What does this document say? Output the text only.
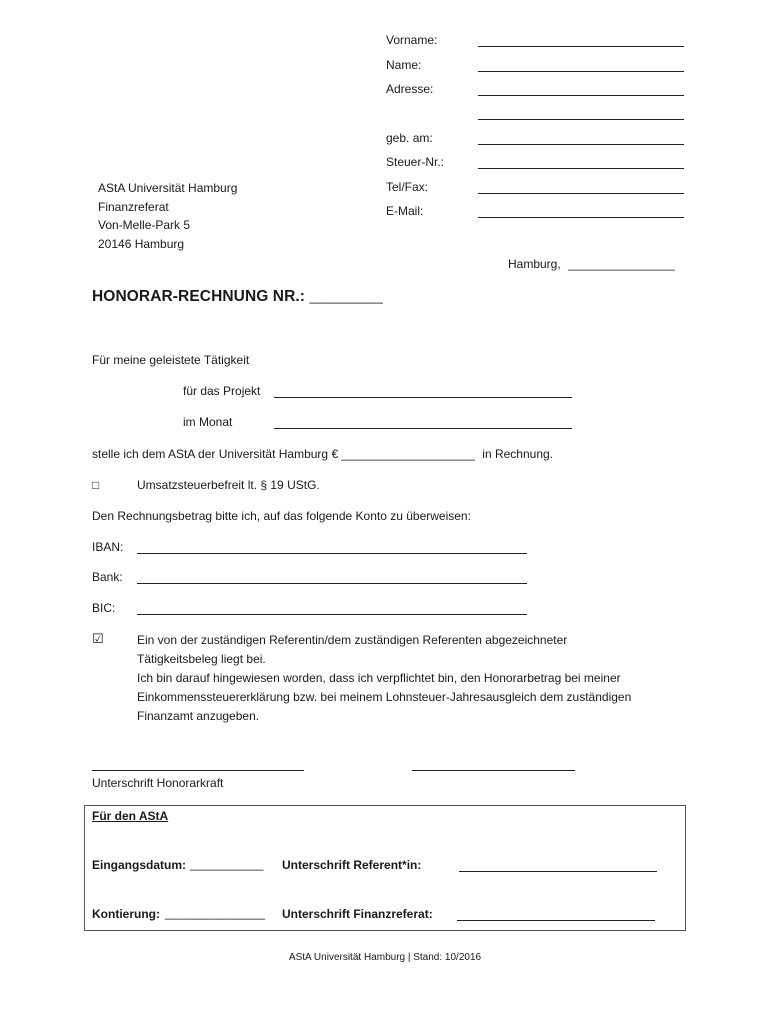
Vorname:
Name:
Adresse:
geb. am:
Steuer-Nr.:
Tel/Fax:
E-Mail:
AStA Universität Hamburg
Finanzreferat
Von-Melle-Park 5
20146 Hamburg
Hamburg, ________________
HONORAR-RECHNUNG NR.: __________
Für meine geleistete Tätigkeit
für das Projekt
im Monat
stelle ich dem AStA der Universität Hamburg € ____________________ in Rechnung.
□	Umsatzsteuerbefreit lt. § 19 UStG.
Den Rechnungsbetrag bitte ich, auf das folgende Konto zu überweisen:
IBAN:
Bank:
BIC:
☑	Ein von der zuständigen Referentin/dem zuständigen Referenten abgezeichneter
Tätigkeitsbeleg liegt bei.
Ich bin darauf hingewiesen worden, dass ich verpflichtet bin, den Honorarbetrag bei meiner
Einkommenssteuererklärung bzw. bei meinem Lohnsteuer-Jahresausgleich dem zuständigen
Finanzamt anzugeben.
Unterschrift Honorarkraft
Für den AStA
Eingangsdatum: ___________ Unterschrift Referent*in:
Kontierung: _______________ Unterschrift Finanzreferat:
AStA Universität Hamburg | Stand: 10/2016
